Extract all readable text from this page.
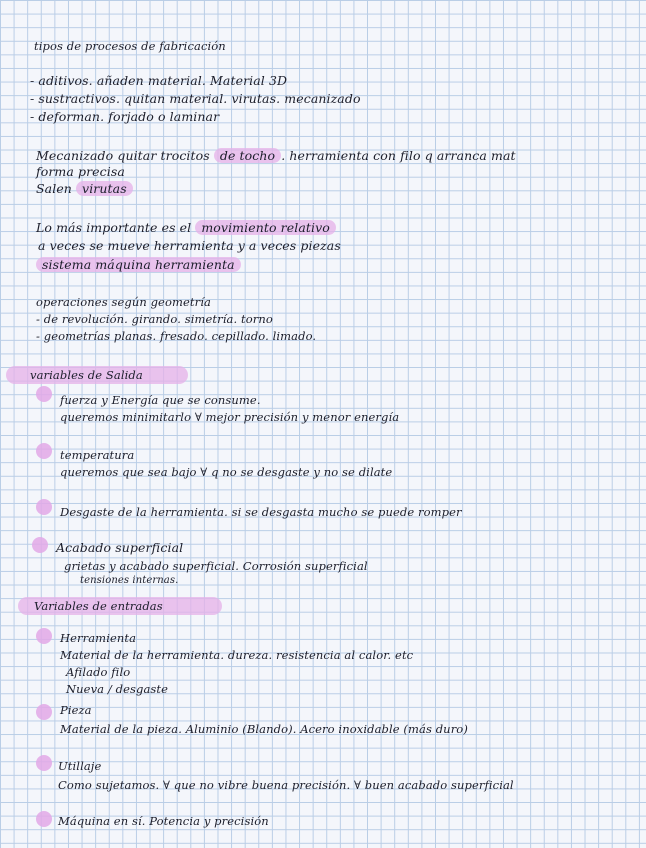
tipos de procesos de fabricación
- aditivos. añaden material. Material 3D
- sustractivos. quitan material. virutas. mecanizado
- deforman. forjado o laminar
Mecanizado quitar trocitos de tocho . herramienta con filo q arranca mat
forma precisa
Salen virutas
Lo más importante es el movimiento relativo
a veces se mueve herramienta y a veces piezas
sistema máquina herramienta
operaciones según geometría
- de revolución. girando. simetría. torno
- geometrías planas. fresado. cepillado. limado.
variables de Salida
fuerza y Energía que se consume.
queremos minimitarlo ∀ mejor precisión y menor energía
temperatura
queremos que sea bajo ∀ q no se desgaste y no se dilate
Desgaste de la herramienta. si se desgasta mucho se puede romper
Acabado superficial
grietas y acabado superficial. Corrosión superficial
tensiones internas.
Variables de entradas
Herramienta
Material de la herramienta. dureza. resistencia al calor. etc
Afilado filo
Nueva / desgaste
Pieza
Material de la pieza. Aluminio (Blando). Acero inoxidable (más duro)
Utillaje
Como sujetamos. ∀ que no vibre buena precisión. ∀ buen acabado superficial
Máquina en sí. Potencia y precisión
